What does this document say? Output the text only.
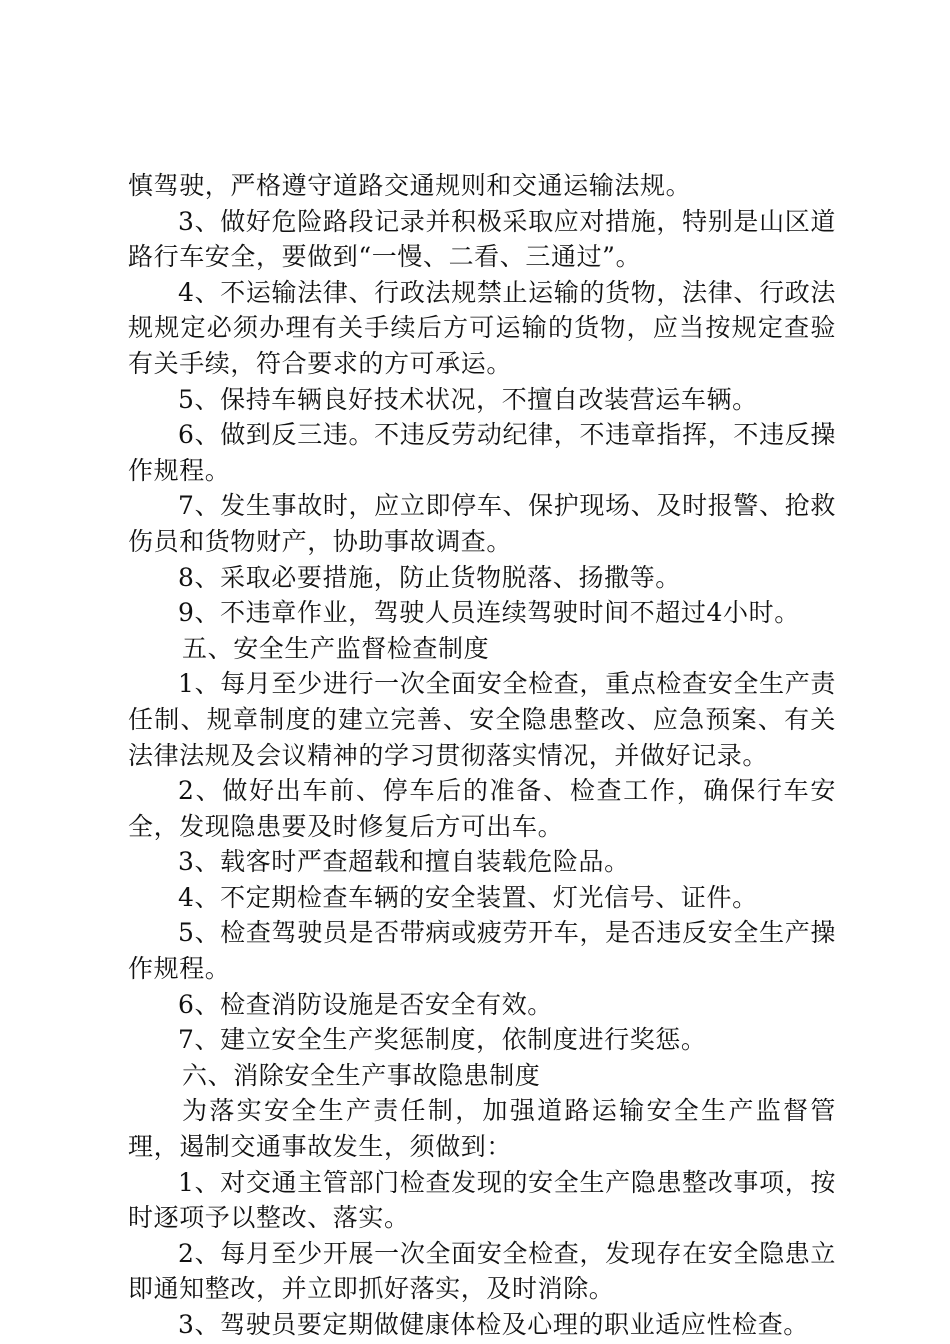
慎驾驶，严格遵守道路交通规则和交通运输法规。

3、做好危险路段记录并积极采取应对措施，特别是山区道路行车安全，要做到“一慢、二看、三通过”。

4、不运输法律、行政法规禁止运输的货物，法律、行政法规规定必须办理有关手续后方可运输的货物，应当按规定查验有关手续，符合要求的方可承运。

5、保持车辆良好技术状况，不擅自改装营运车辆。

6、做到反三违。不违反劳动纪律，不违章指挥，不违反操作规程。

7、发生事故时，应立即停车、保护现场、及时报警、抢救伤员和货物财产，协助事故调查。

8、采取必要措施，防止货物脱落、扬撒等。

9、不违章作业，驾驶人员连续驾驶时间不超过4小时。

五、安全生产监督检查制度

1、每月至少进行一次全面安全检查，重点检查安全生产责任制、规章制度的建立完善、安全隐患整改、应急预案、有关法律法规及会议精神的学习贯彻落实情况，并做好记录。

2、做好出车前、停车后的准备、检查工作，确保行车安全，发现隐患要及时修复后方可出车。

3、载客时严查超载和擅自装载危险品。

4、不定期检查车辆的安全装置、灯光信号、证件。

5、检查驾驶员是否带病或疲劳开车，是否违反安全生产操作规程。

6、检查消防设施是否安全有效。

7、建立安全生产奖惩制度，依制度进行奖惩。

六、消除安全生产事故隐患制度

为落实安全生产责任制，加强道路运输安全生产监督管理，遏制交通事故发生，须做到：

1、对交通主管部门检查发现的安全生产隐患整改事项，按时逐项予以整改、落实。

2、每月至少开展一次全面安全检查，发现存在安全隐患立即通知整改，并立即抓好落实，及时消除。

3、驾驶员要定期做健康体检及心理的职业适应性检查。
